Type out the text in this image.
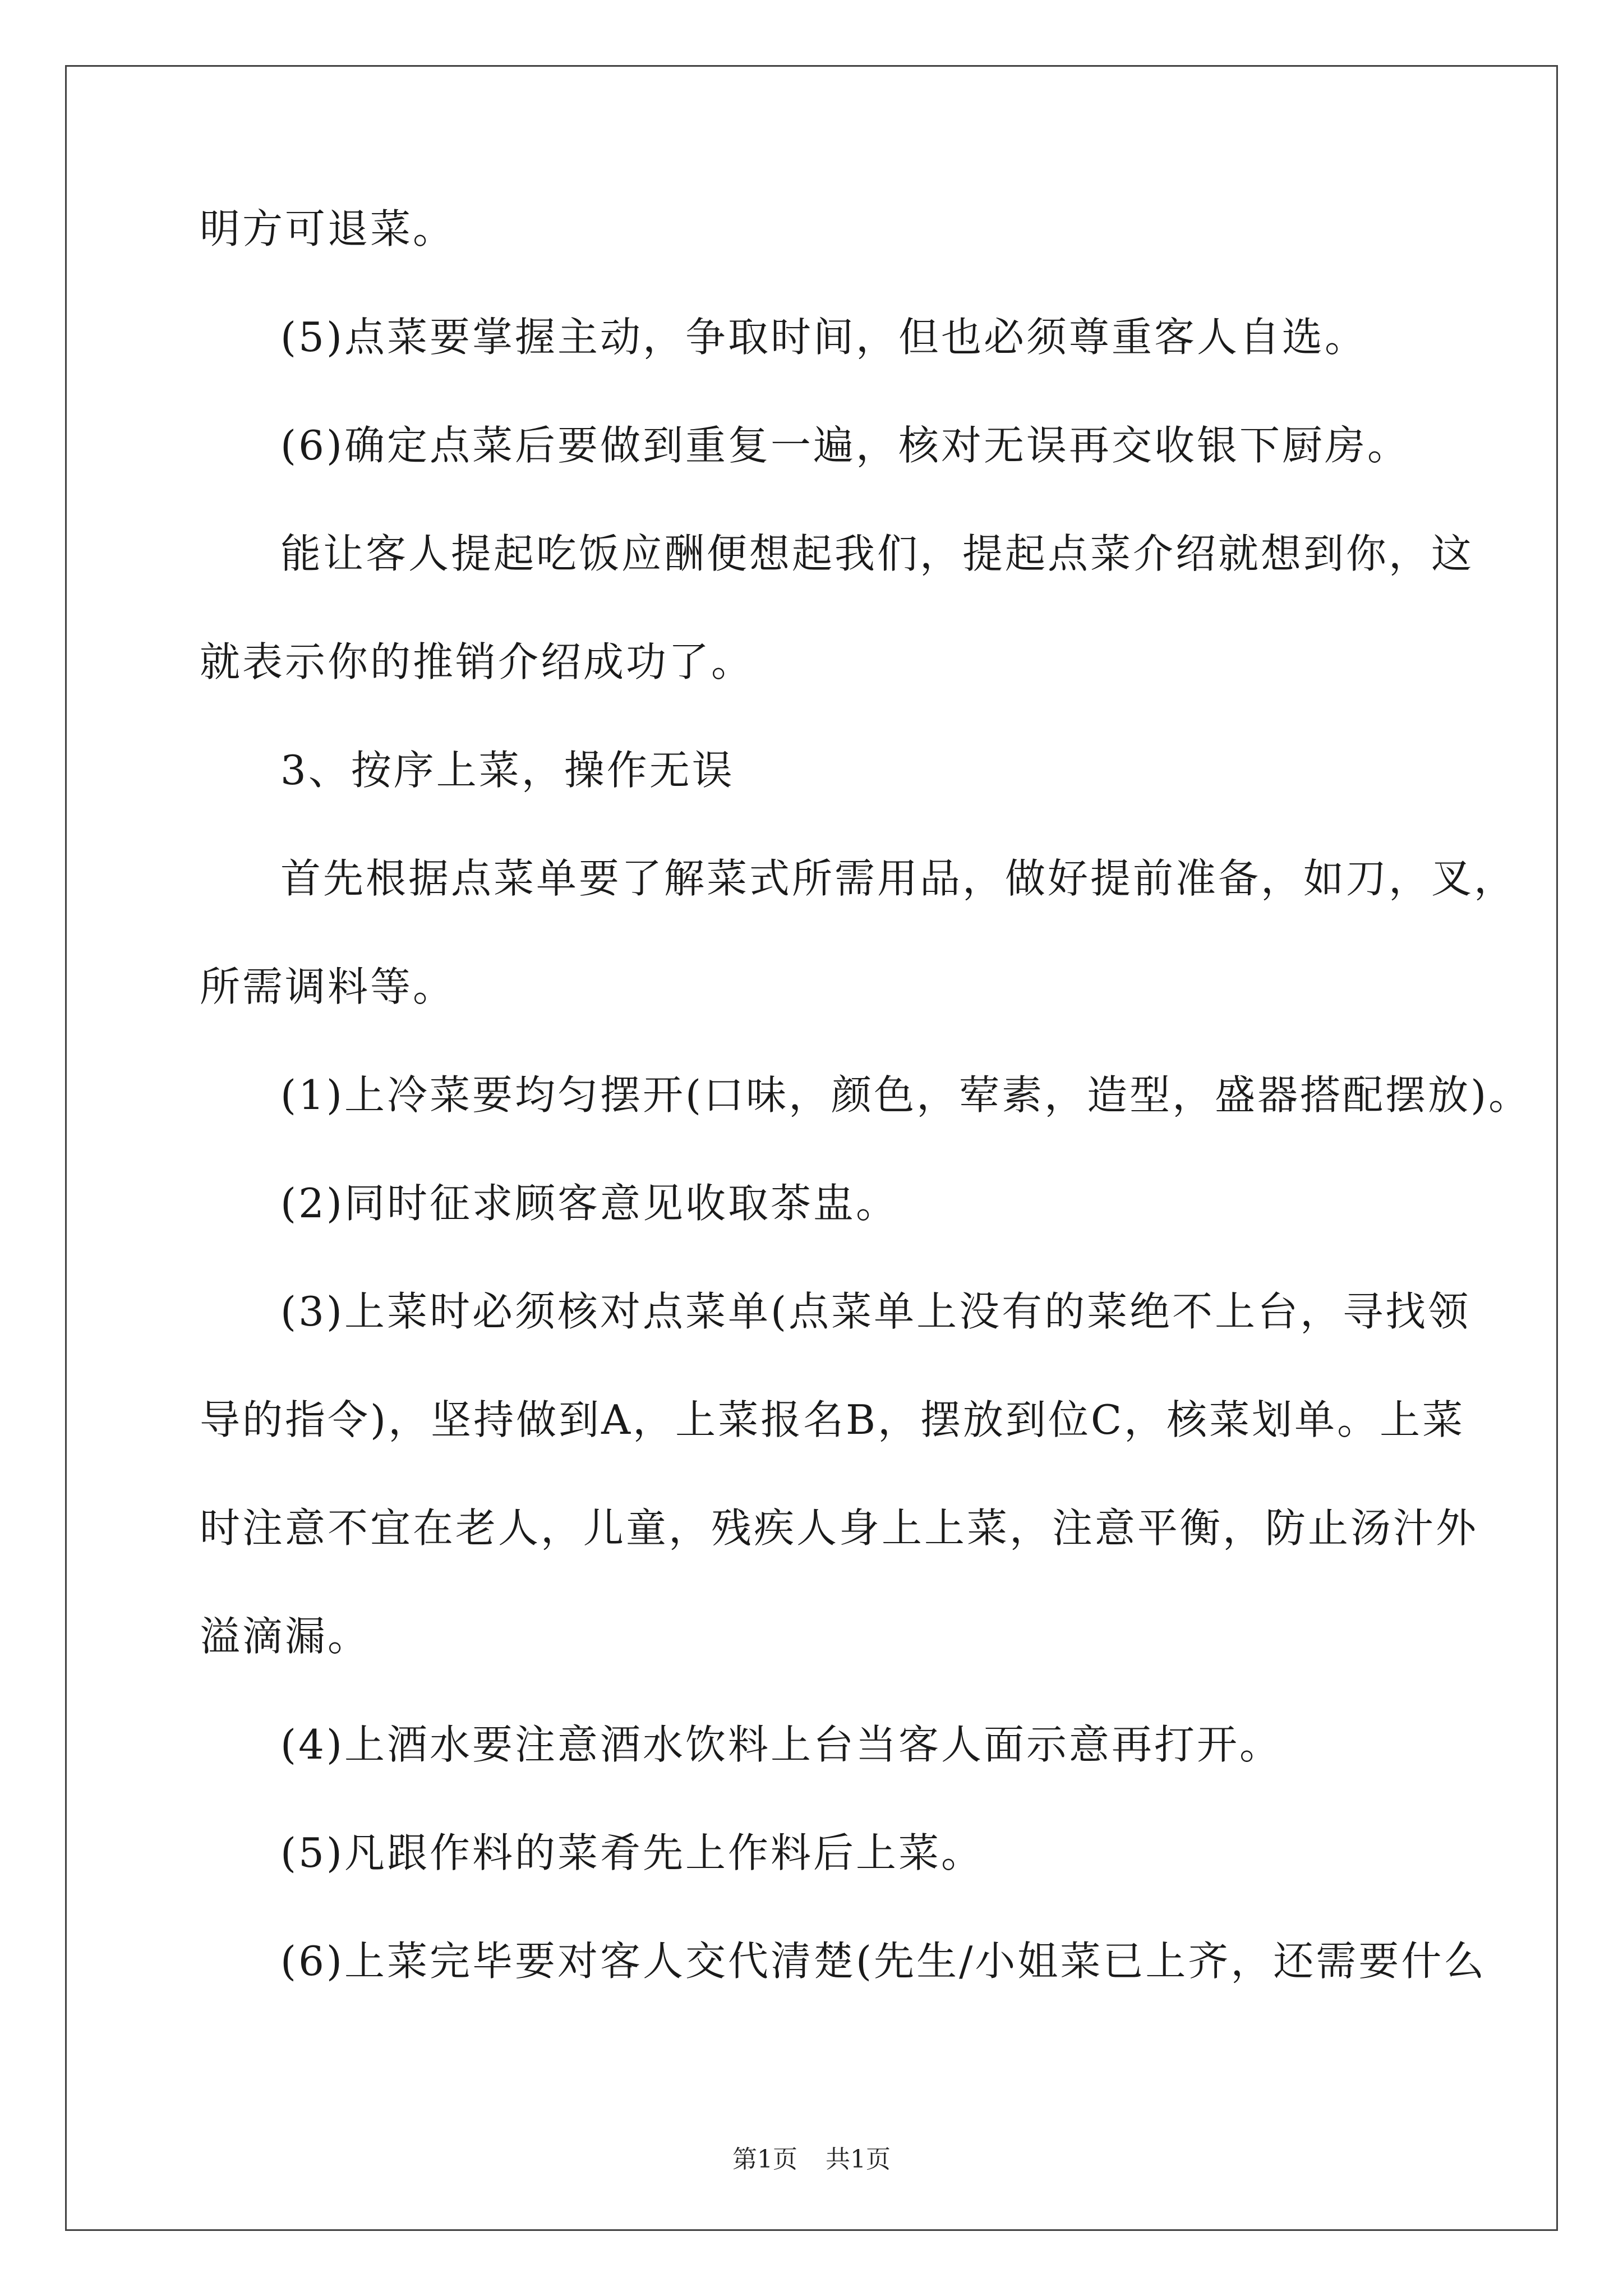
明方可退菜。
(5)点菜要掌握主动，争取时间，但也必须尊重客人自选。
(6)确定点菜后要做到重复一遍，核对无误再交收银下厨房。
能让客人提起吃饭应酬便想起我们，提起点菜介绍就想到你，这
就表示你的推销介绍成功了。
3、按序上菜，操作无误
首先根据点菜单要了解菜式所需用品，做好提前准备，如刀，叉，
所需调料等。
(1)上冷菜要均匀摆开(口味，颜色，荤素，造型，盛器搭配摆放)。
(2)同时征求顾客意见收取茶盅。
(3)上菜时必须核对点菜单(点菜单上没有的菜绝不上台，寻找领
导的指令)，坚持做到A，上菜报名B，摆放到位C，核菜划单。上菜
时注意不宜在老人，儿童，残疾人身上上菜，注意平衡，防止汤汁外
溢滴漏。
(4)上酒水要注意酒水饮料上台当客人面示意再打开。
(5)凡跟作料的菜肴先上作料后上菜。
(6)上菜完毕要对客人交代清楚(先生/小姐菜已上齐，还需要什么
第1页 共1页
